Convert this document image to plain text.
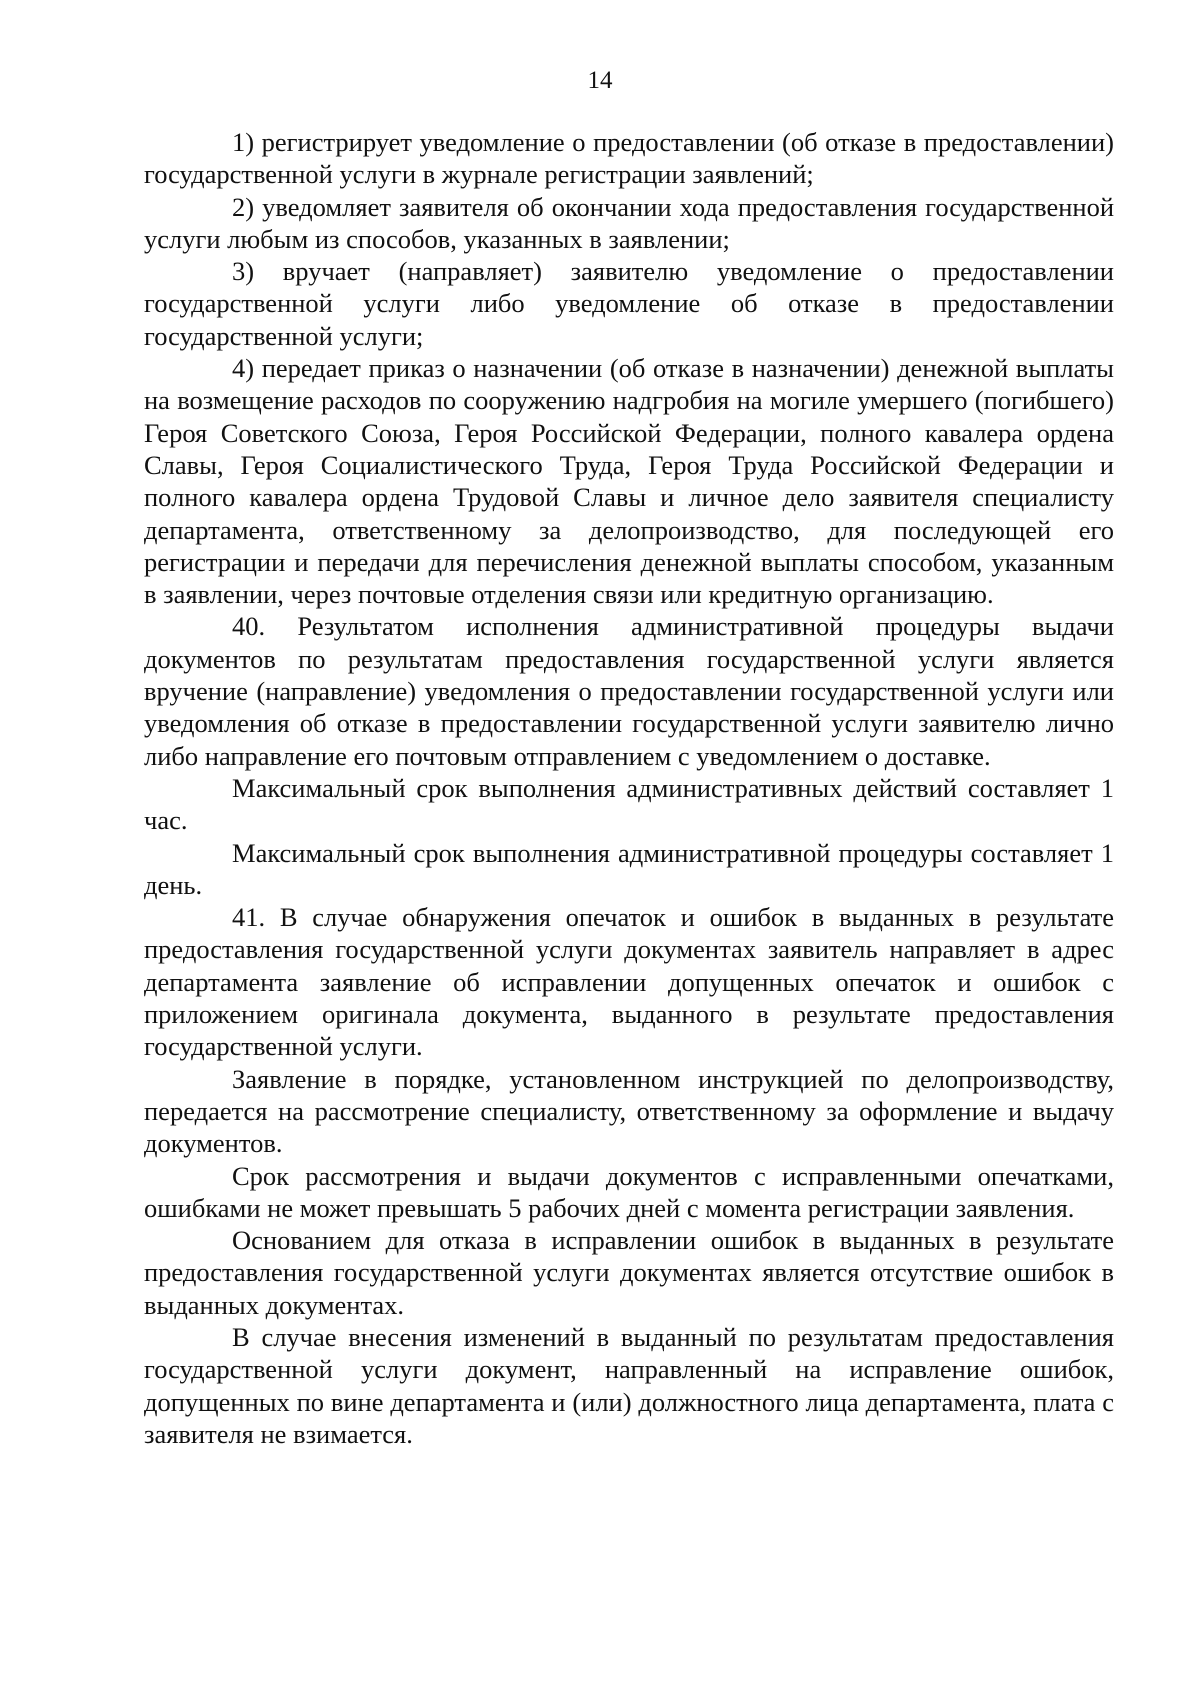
14

1) регистрирует уведомление о предоставлении (об отказе в предоставлении) государственной услуги в журнале регистрации заявлений;

2) уведомляет заявителя об окончании хода предоставления государственной услуги любым из способов, указанных в заявлении;

3) вручает (направляет) заявителю уведомление о предоставлении государственной услуги либо уведомление об отказе в предоставлении государственной услуги;

4) передает приказ о назначении (об отказе в назначении) денежной выплаты на возмещение расходов по сооружению надгробия на могиле умершего (погибшего) Героя Советского Союза, Героя Российской Федерации, полного кавалера ордена Славы, Героя Социалистического Труда, Героя Труда Российской Федерации и полного кавалера ордена Трудовой Славы и личное дело заявителя специалисту департамента, ответственному за делопроизводство, для последующей его регистрации и передачи для перечисления денежной выплаты способом, указанным в заявлении, через почтовые отделения связи или кредитную организацию.

40. Результатом исполнения административной процедуры выдачи документов по результатам предоставления государственной услуги является вручение (направление) уведомления о предоставлении государственной услуги или уведомления об отказе в предоставлении государственной услуги заявителю лично либо направление его почтовым отправлением с уведомлением о доставке.

Максимальный срок выполнения административных действий составляет 1 час.

Максимальный срок выполнения административной процедуры составляет 1 день.

41. В случае обнаружения опечаток и ошибок в выданных в результате предоставления государственной услуги документах заявитель направляет в адрес департамента заявление об исправлении допущенных опечаток и ошибок с приложением оригинала документа, выданного в результате предоставления государственной услуги.

Заявление в порядке, установленном инструкцией по делопроизводству, передается на рассмотрение специалисту, ответственному за оформление и выдачу документов.

Срок рассмотрения и выдачи документов с исправленными опечатками, ошибками не может превышать 5 рабочих дней с момента регистрации заявления.

Основанием для отказа в исправлении ошибок в выданных в результате предоставления государственной услуги документах является отсутствие ошибок в выданных документах.

В случае внесения изменений в выданный по результатам предоставления государственной услуги документ, направленный на исправление ошибок, допущенных по вине департамента и (или) должностного лица департамента, плата с заявителя не взимается.
